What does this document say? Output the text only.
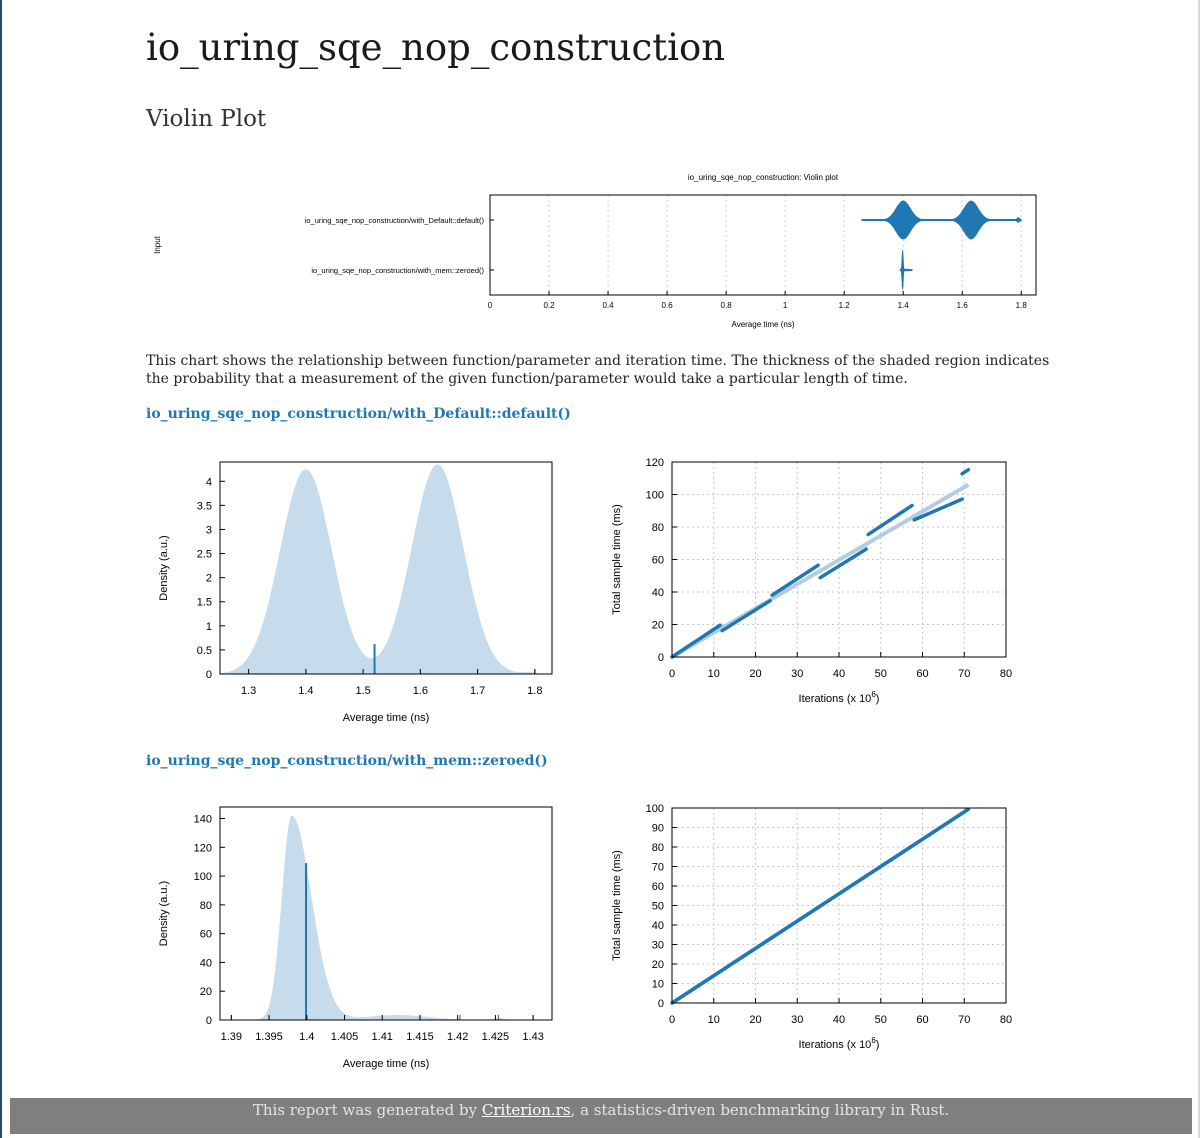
io_uring_sqe_nop_construction
Violin Plot

This chart shows the relationship between function/parameter and iteration time. The thickness of the shaded region indicates the probability that a measurement of the given function/parameter would take a particular length of time.

io_uring_sqe_nop_construction/with_Default::default()
io_uring_sqe_nop_construction/with_mem::zeroed()
io_uring_sqe_nop_construction: Violin plot
0	0.2	0.4	0.6	0.8	1	1.2	1.4	1.6	1.8
io_uring_sqe_nop_construction/with_Default::default()
io_uring_sqe_nop_construction/with_mem::zeroed()
Input
Average time (ns)
1.3	1.4	1.5	1.6	1.7	1.8
0
0.5
1
1.5
2
2.5
3
3.5
4
Average time (ns)
Density (a.u.)
0	10	20	30	40	50	60	70	80
0
20
40
60
80
100
120
Iterations (x $10^6$)
Total sample time (ms)
1.39 1.395 1.4 1.405 1.41 1.415 1.42 1.425 1.43
0
20
40
60
80
100
120
140
Average time (ns)
Density (a.u.)
0	10	20	30	40	50	60	70	80
0
10
20
30
40
50
60
70
80
90
100
Iterations (x $10^6$)
Total sample time (ms)
This report was generated by Criterion.rs, a statistics-driven benchmarking library in Rust.
